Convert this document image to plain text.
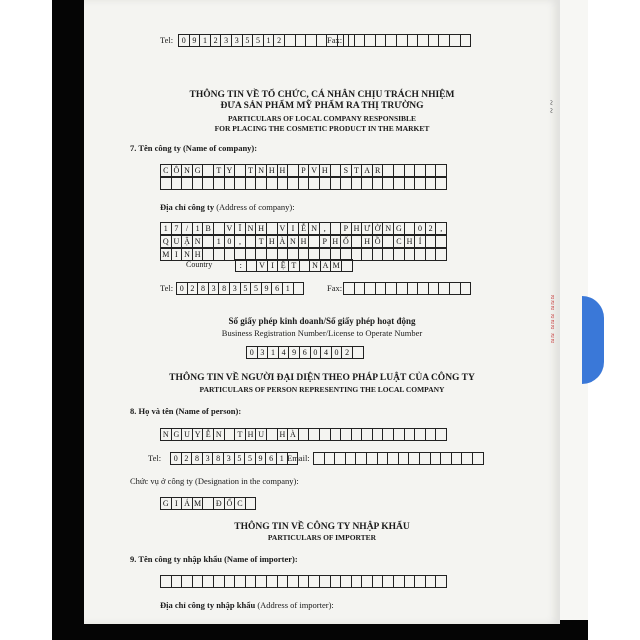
≈≈≈ ≈≈≈ ≈≈
~ ~
Tel:	0 9 1 2 3 3 5 5 1 2	Fax:
THÔNG TIN VỀ TỔ CHỨC, CÁ NHÂN CHỊU TRÁCH NHIỆM
ĐƯA SẢN PHẨM MỸ PHẨM RA THỊ TRƯỜNG
PARTICULARS OF LOCAL COMPANY RESPONSIBLE
FOR PLACING THE COSMETIC PRODUCT IN THE MARKET
7. Tên công ty (Name of company):
C Ô N G	T Y	T N H H	P V H	S T A R
Địa chỉ công ty (Address of company):
1 7 / 1 B	V Ĩ N H	V I Ễ N ,	P H Ư Ờ N G	0 2 ,
Q U Ậ N	1 0 ,	T H À N H	P H Ố	H Ồ	C H Í
M I N H
Country	:	V I Ệ T	N A M
Tel: 0 2 8 3 8 3 5 5 9 6 1	Fax:
Số giấy phép kinh doanh/Số giấy phép hoạt động
Business Registration Number/License to Operate Number
0 3 1 4 9 6 0 4 0 2
THÔNG TIN VỀ NGƯỜI ĐẠI DIỆN THEO PHÁP LUẬT CỦA CÔNG TY
PARTICULARS OF PERSON REPRESENTING THE LOCAL COMPANY
8. Họ và tên (Name of person):
N G U Y Ễ N	T H U	H À
Tel:	0 2 8 3 8 3 5 5 9 6 1 Email:
Chức vụ ở công ty (Designation in the company):
G I Á M	Đ Ố C
THÔNG TIN VỀ CÔNG TY NHẬP KHẨU
PARTICULARS OF IMPORTER
9. Tên công ty nhập khẩu (Name of importer):
Địa chỉ công ty nhập khẩu (Address of importer):
